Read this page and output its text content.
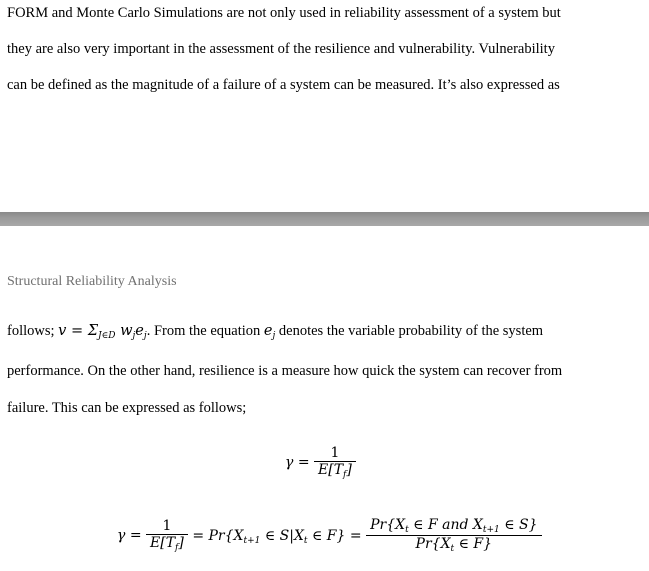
FORM and Monte Carlo Simulations are not only used in reliability assessment of a system but
they are also very important in the assessment of the resilience and vulnerability. Vulnerability
can be defined as the magnitude of a failure of a system can be measured. It’s also expressed as
Structural Reliability Analysis
follows; $v = \Sigma_{J\in D}$ $w_je_j$. From the equation $e_j$ denotes the variable probability of the system
performance. On the other hand, resilience is a measure how quick the system can recover from
failure. This can be expressed as follows;
$\gamma = \frac{1}{E[T_f]}$
$\gamma = \frac{1}{E[T_f]} = Pr\{X_{t+1}$ ∈ $S|X_t$ ∈ $F\} = \frac{Pr\{X_t \in F and X_{t+1} \in S\}}{Pr\{X_t \in F\}}$
